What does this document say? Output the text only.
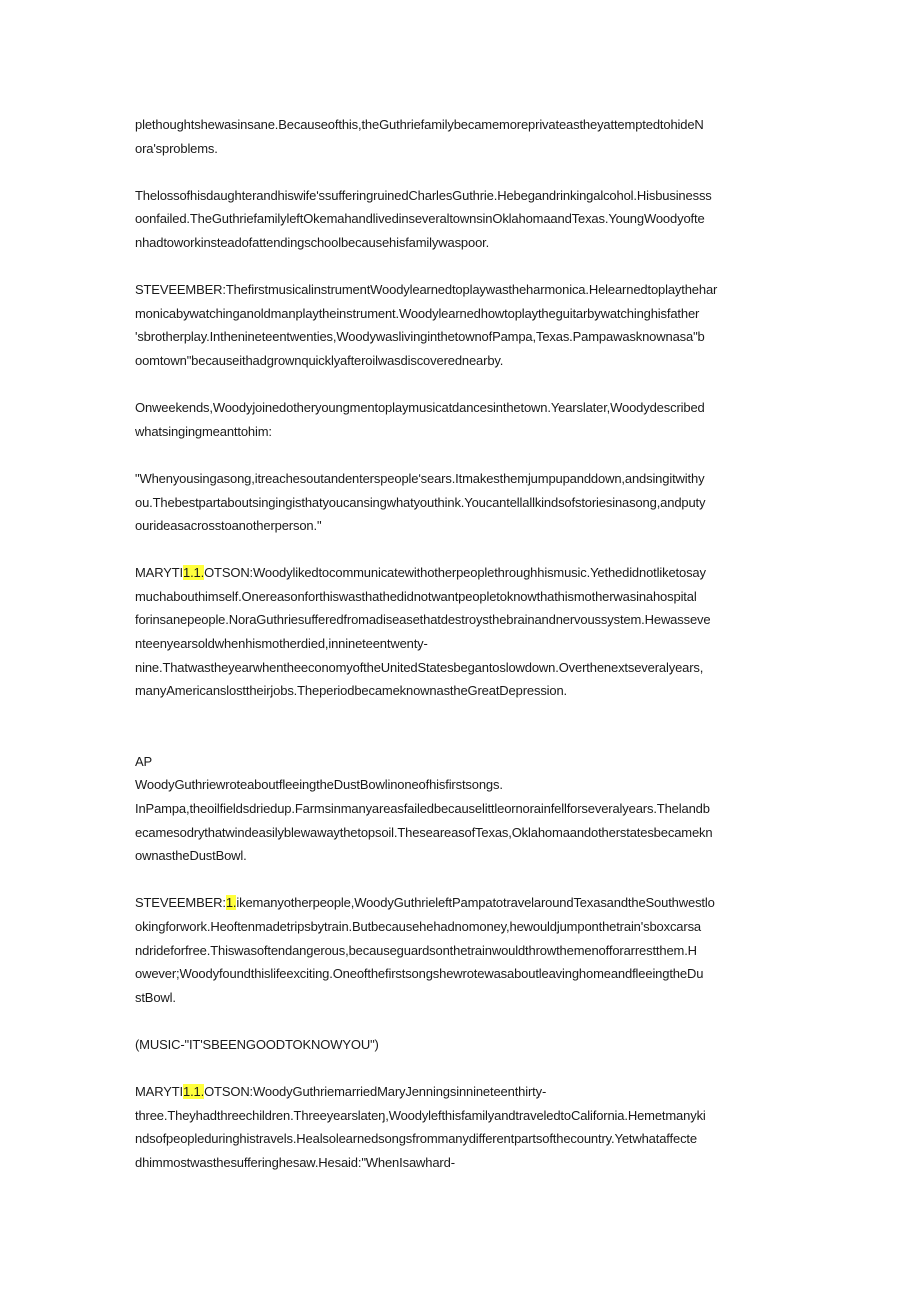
plethoughtshewasinsane.Becauseofthis,theGuthriefamilybecamemoreprivateastheyattemptedtohideN
ora'sproblems.
ThelossofhisdaughterandhiswifeʹssufferingruinedCharlesGuthrie.Hebegandrinkingalcohol.Hisbusinesss
oonfailed.TheGuthriefamilyleftOkemahandlivedinseveraltownsinOklahomaandTexas.YoungWoodyofte
nhadtoworkinsteadofattendingschoolbecausehisfamilywaspoor.
STEVEEMBER:ThefirstmusicalinstrumentWoodylearnedtoplaywastheharmonica.Helearnedtoplaythehar
monicabywatchinganoldmanplaytheinstrument.Woodylearnedhowtoplaytheguitarbywatchinghisfather
'sbrotherplay.Inthenineteentwenties,WoodywaslivinginthetownofPampa,Texas.Pampawasknownasa"b
oomtown"becauseithadgrownquicklyafteroilwasdiscoverednearby.
Onweekends,Woodyjoinedotheryoungmentoplaymusicatdancesinthetown.Yearslater,Woodydescribed
whatsingingmeanttohim:
"Whenyousingasong,itreachesoutandenterspeopleʹsears.Itmakesthemjumpupanddown,andsingitwithy
ou.Thebestpartaboutsingingisthatyoucansingwhatyouthink.Youcantellallkindsofstoriesinasong,andputy
ourideasacrosstoanotherperson."
MARYTI1.1.OTSON:Woodylikedtocommunicatewithotherpeoplethroughhismusic.Yethedidnotliketosay
muchabouthimself.Onereasonforthiswasthathedidnotwantpeopletoknowthathismotherwasinahospital
forinsanepeople.NoraGuthriesufferedfromadiseasethatdestroysthebrainandnervoussystem.Hewasseve
nteenyearsoldwhenhismotherdied,innineteentwenty-
nine.ThatwastheyearwhentheeconomyoftheUnitedStatesbegantoslowdown.Overthenextseveralyears,
manyAmericanslosttheirjobs.TheperiodbecameknownastheGreatDepression.
AP
WoodyGuthriewroteaboutfleeingtheDustBowlinoneofhisfirstsongs.
InPampa,theoilfieldsdriedup.Farmsinmanyareasfailedbecauselittleornorainfellforseveralyears.Thelandb
ecamesodrythatwindeasilyblewawaythetopsoil.TheseareasofTexas,Oklahomaandotherstatesbecamekn
ownastheDustBowl.
STEVEEMBER:1.ikemanyotherpeople,WoodyGuthrieleftPampatotravelaroundTexasandtheSouthwestlo
okingforwork.Heoftenmadetripsbytrain.Butbecausehehadnomoney,hewouldjumponthetrain'sboxcarsa
ndrideforfree.Thiswasoftendangerous,becauseguardsonthetrainwouldthrowthemenofforarrestthem.H
owever;Woodyfoundthislifeexciting.OneofthefirstsongshewrotewasaboutleavinghomeandfleeingtheDu
stBowl.
(MUSIC-"IT'SBEENGOODTOKNOWYOU")
MARYTI1.1.OTSON:WoodyGuthriemarriedMaryJenningsinnineteenthirty-
three.Theyhadthreechildren.Threeyearslateŋ,WoodylefthisfamilyandtraveledtoCalifornia.Hemetmanyki
ndsofpeopleduringhistravels.Healsolearnedsongsfrommanydifferentpartsofthecountry.Yetwhataffecte
dhimmostwasthesufferinghesaw.Hesaid:"WhenIsawhard-
